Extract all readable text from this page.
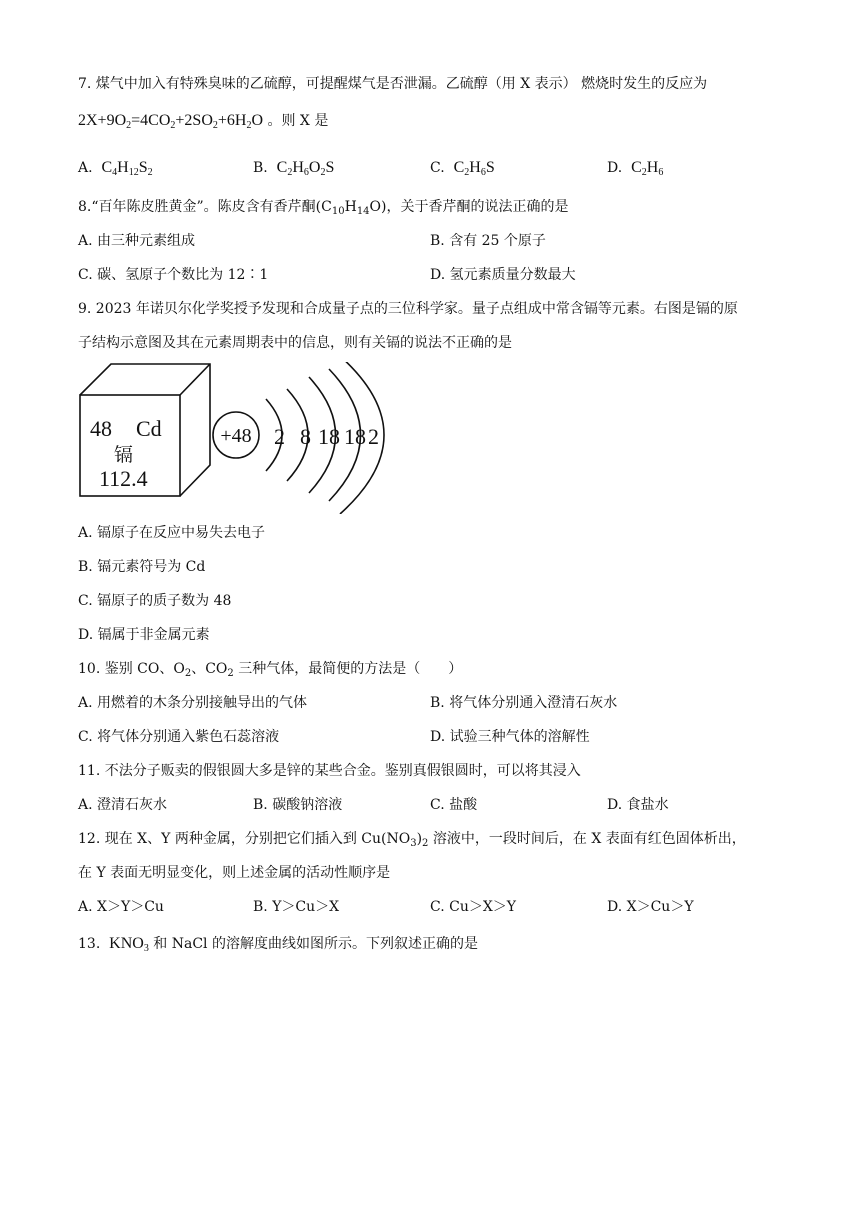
7. 煤气中加入有特殊臭味的乙硫醇，可提醒煤气是否泄漏。乙硫醇（用 X 表示） 燃烧时发生的反应为
$2X+9O_2=4CO_2+2SO_2+6H_2O$ 。则 X 是
A. $C_4H_{12}S_2$	B. $C_2H_6O_2S$	C. $C_2H_6S$	D. $C_2H_6$
8.“百年陈皮胜黄金”。陈皮含有香芹酮$(C_{10}H_{14}O)$，关于香芹酮的说法正确的是
A. 由三种元素组成	B. 含有 25 个原子
C. 碳、氢原子个数比为 12∶1	D. 氢元素质量分数最大
9. 2023 年诺贝尔化学奖授予发现和合成量子点的三位科学家。量子点组成中常含镉等元素。右图是镉的原
子结构示意图及其在元素周期表中的信息，则有关镉的说法不正确的是
48 Cd
镉
112.4
+48 2 8 18 18 2
A. 镉原子在反应中易失去电子
B. 镉元素符号为 Cd
C. 镉原子的质子数为 48
D. 镉属于非金属元素
10. 鉴别 CO、$O_2$、$CO_2$ 三种气体，最简便的方法是（　　）
A. 用燃着的木条分别接触导出的气体	B. 将气体分别通入澄清石灰水
C. 将气体分别通入紫色石蕊溶液	D. 试验三种气体的溶解性
11. 不法分子贩卖的假银圆大多是锌的某些合金。鉴别真假银圆时，可以将其浸入
A. 澄清石灰水	B. 碳酸钠溶液	C. 盐酸	D. 食盐水
12. 现在 X、Y 两种金属，分别把它们插入到 $Cu(NO_3)_2$ 溶液中，一段时间后，在 X 表面有红色固体析出，
在 Y 表面无明显变化，则上述金属的活动性顺序是
A. X＞Y＞Cu	B. Y＞Cu＞X	C. Cu＞X＞Y	D. X＞Cu＞Y
13. $KNO_3$ 和 NaCl 的溶解度曲线如图所示。下列叙述正确的是
